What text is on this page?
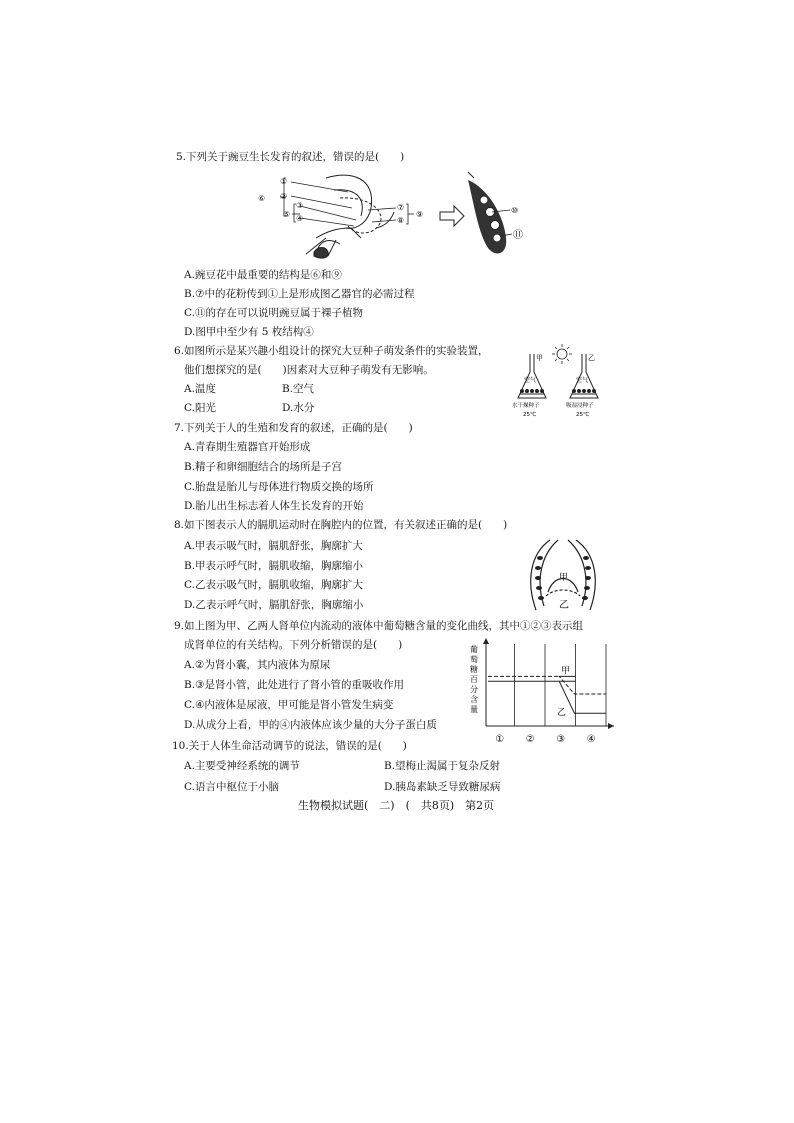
5.下列关于豌豆生长发育的叙述，错误的是(　　)
⑥
①
②
③
⑤ ④
⑦
⑧
⑨	⑩
⑪
A.豌豆花中最重要的结构是⑥和⑨
B.⑦中的花粉传到①上是形成图乙器官的必需过程
C.⑪的存在可以说明豌豆属于裸子植物
D.图甲中至少有 5 枚结构④
6.如图所示是某兴趣小组设计的探究大豆种子萌发条件的实验装置，
他们想探究的是(　　)因素对大豆种子萌发有无影响。
A.温度	B.空气
C.阳光	D.水分
甲	乙
空气	空气
水干燥种子	吸湿浸种子
25℃	25℃
7.下列关于人的生殖和发育的叙述，正确的是(　　)
A.青春期生殖器官开始形成
B.精子和卵细胞结合的场所是子宫
C.胎盘是胎儿与母体进行物质交换的场所
D.胎儿出生标志着人体生长发育的开始
8.如下图表示人的膈肌运动时在胸腔内的位置，有关叙述正确的是(　　)
A.甲表示吸气时，膈肌舒张，胸廓扩大
B.甲表示呼气时，膈肌收缩，胸廓缩小
C.乙表示吸气时，膈肌收缩，胸廓扩大
D.乙表示呼气时，膈肌舒张，胸廓缩小
甲
乙
9.如上图为甲、乙两人肾单位内流动的液体中葡萄糖含量的变化曲线，其中①②③表示组
成肾单位的有关结构。下列分析错误的是(　　)
A.②为肾小囊，其内液体为原尿
B.③是肾小管，此处进行了肾小管的重吸收作用
C.④内液体是尿液，甲可能是肾小管发生病变
D.从成分上看，甲的④内液体应该少量的大分子蛋白质
葡
萄
糖
百
分
含
量
① ② ③ ④
甲
乙
10.关于人体生命活动调节的说法，错误的是(　　)
A.主要受神经系统的调节	B.望梅止渴属于复杂反射
C.语言中枢位于小脑	D.胰岛素缺乏导致糖尿病
生物模拟试题(　二)　(　共8页)　第2页
